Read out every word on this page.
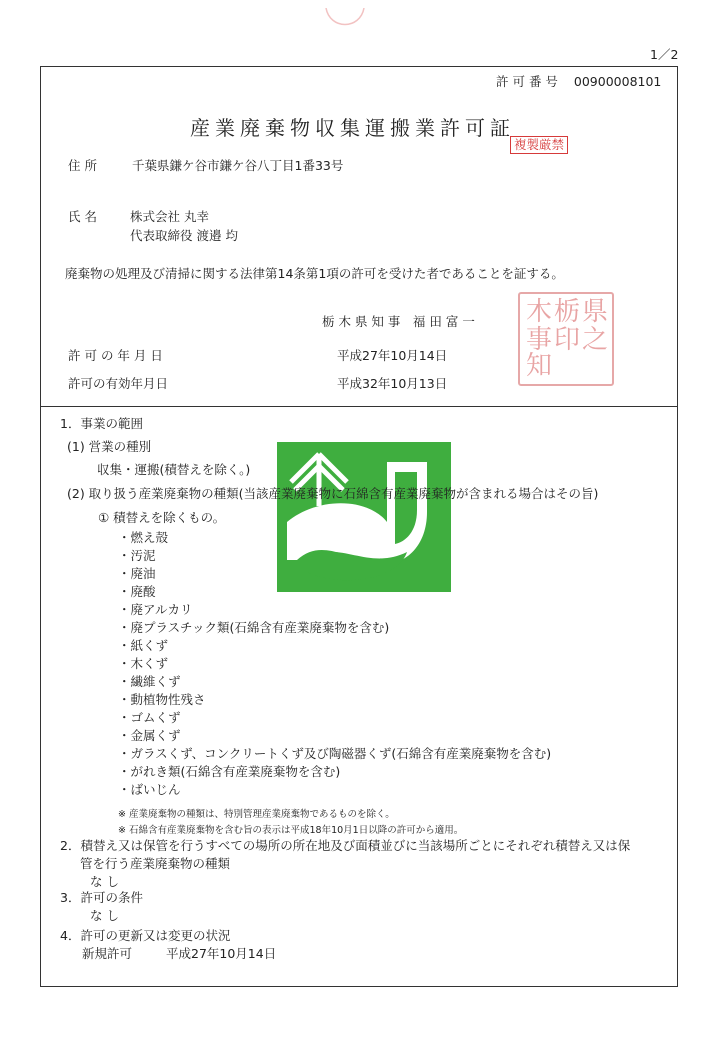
1／2
許 可 番 号 00900008101
産業廃棄物収集運搬業許可証
複製厳禁
住 所	千葉県鎌ケ谷市鎌ケ谷八丁目1番33号
氏 名	株式会社 丸幸
代表取締役 渡邉 均
廃棄物の処理及び清掃に関する法律第14条第1項の許可を受けた者であることを証する。
栃 木 県 知 事　福 田 富 一	県之
栃印
木事
知
許 可 の 年 月 日	平成27年10月14日
許可の有効年月日	平成32年10月13日
1．事業の範囲
(1) 営業の種別
収集・運搬(積替えを除く。)
(2) 取り扱う産業廃棄物の種類(当該産業廃棄物に石綿含有産業廃棄物が含まれる場合はその旨)
① 積替えを除くもの。
・燃え殻
・汚泥
・廃油
・廃酸
・廃アルカリ
・廃プラスチック類(石綿含有産業廃棄物を含む)
・紙くず
・木くず
・繊維くず
・動植物性残さ
・ゴムくず
・金属くず
・ガラスくず、コンクリートくず及び陶磁器くず(石綿含有産業廃棄物を含む)
・がれき類(石綿含有産業廃棄物を含む)
・ばいじん
※ 産業廃棄物の種類は、特別管理産業廃棄物であるものを除く。
※ 石綿含有産業廃棄物を含む旨の表示は平成18年10月1日以降の許可から適用。
2．積替え又は保管を行うすべての場所の所在地及び面積並びに当該場所ごとにそれぞれ積替え又は保
管を行う産業廃棄物の種類
な し
3．許可の条件
な し
4．許可の更新又は変更の状況
新規許可	平成27年10月14日
